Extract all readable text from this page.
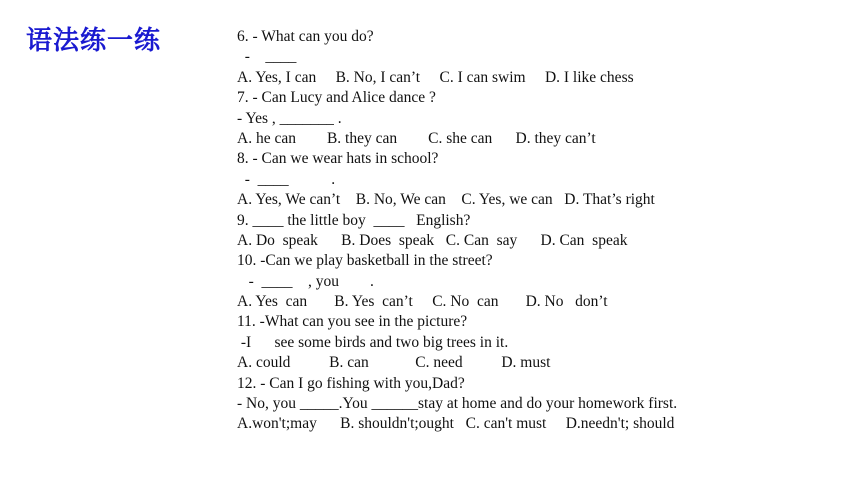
语法练一练	6. - What can you do?
-    ____
A. Yes, I can     B. No, I can’t     C. I can swim     D. I like chess
7. - Can Lucy and Alice dance ?
- Yes , _______ .
A. he can        B. they can        C. she can      D. they can’t
8. - Can we wear hats in school?
-  ____           .
A. Yes, We can’t    B. No, We can    C. Yes, we can   D. That’s right
9. ____ the little boy  ____   English?
A. Do  speak      B. Does  speak   C. Can  say      D. Can  speak
10. -Can we play basketball in the street?
-  ____    , you        .
A. Yes  can       B. Yes  can’t     C. No  can       D. No   don’t
11. -What can you see in the picture?
-I      see some birds and two big trees in it.
A. could          B. can            C. need          D. must
12. - Can I go fishing with you,Dad?
- No, you _____.You ______stay at home and do your homework first.
A.won't;may      B. shouldn't;ought   C. can't must     D.needn't; should
